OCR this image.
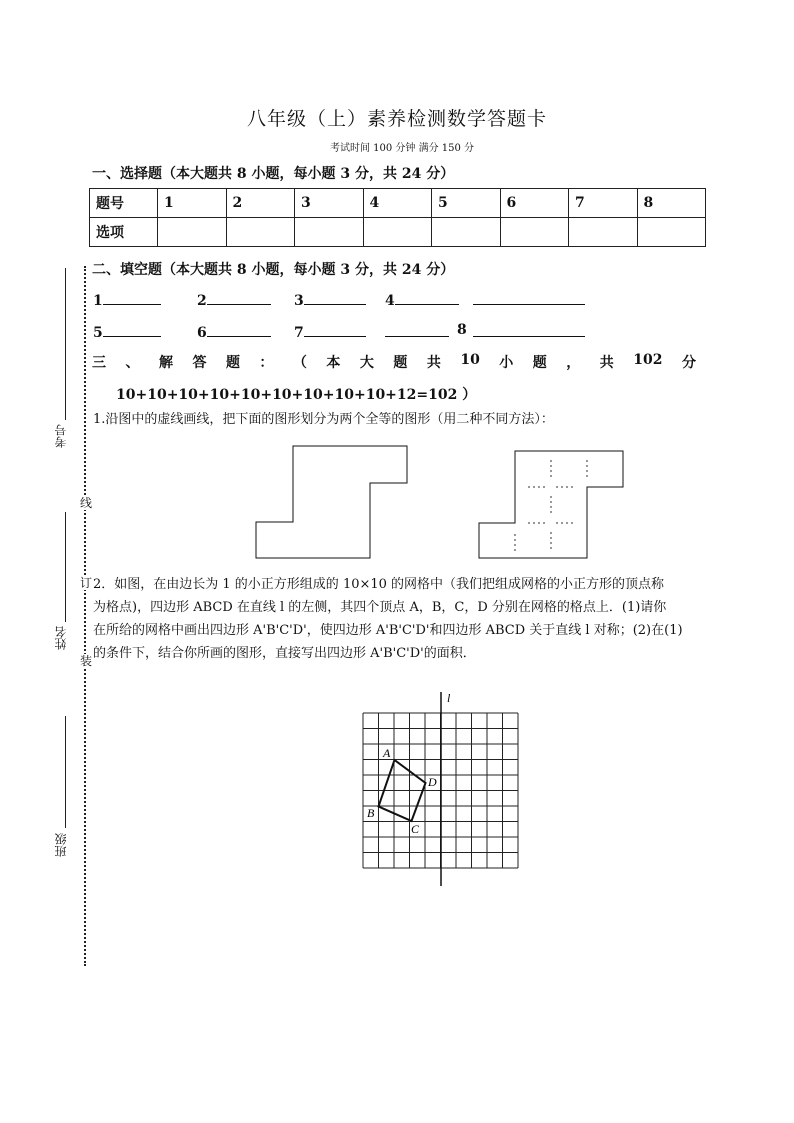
八年级（上）素养检测数学答题卡
考试时间 100 分钟 满分 150 分
一、选择题（本大题共 8 小题，每小题 3 分，共 24 分）
题号	1	2	3	4	5	6	7	8
选项								
二、填空题（本大题共 8 小题，每小题 3 分，共 24 分）
1	2	3	4
5	6	7	8
三 、 解 答 题 ： （ 本 大 题 共 10 小 题 ， 共 102 分
10+10+10+10+10+10+10+10+10+12=102 ）
1.沿图中的虚线画线，把下面的图形划分为两个全等的图形（用二种不同方法）：
2．如图，在由边长为 1 的小正方形组成的 10×10 的网格中（我们把组成网格的小正方形的顶点称
为格点)，四边形 ABCD 在直线 l 的左侧，其四个顶点 A，B，C，D 分别在网格的格点上．(1)请你
在所给的网格中画出四边形 A'B'C'D'，使四边形 A'B'C'D'和四边形 ABCD 关于直线 l 对称；(2)在(1)
的条件下，结合你所画的图形，直接写出四边形 A'B'C'D'的面积．
l
A
B
C
D
考号
姓名
班级
线
订
装
